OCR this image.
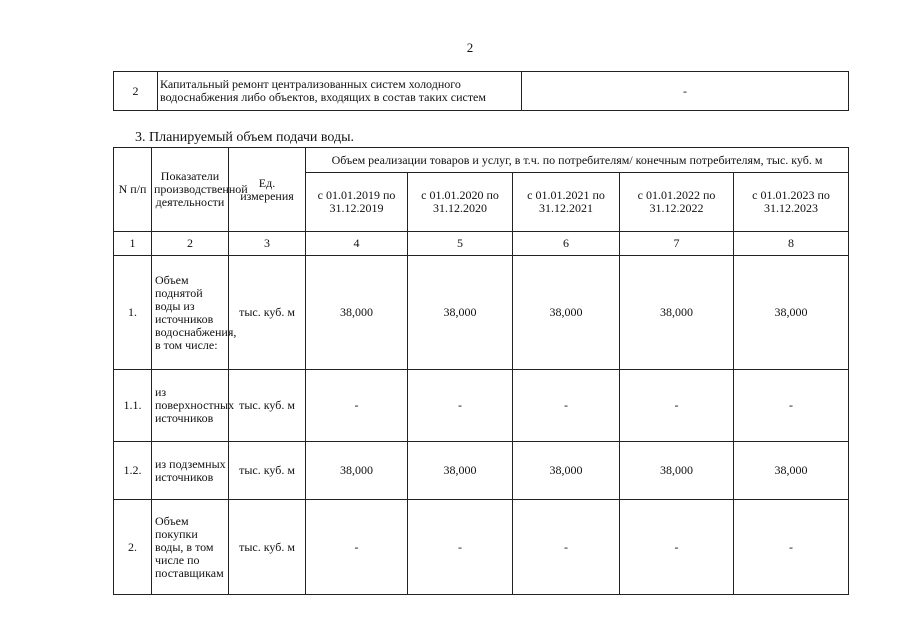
2
2	Капитальный ремонт централизованных систем холодного водоснабжения либо объектов, входящих в состав таких систем	-
3. Планируемый объем подачи воды.
N п/п	Показатели производственной деятельности	Ед. измерения	Объем реализации товаров и услуг, в т.ч. по потребителям/ конечным потребителям, тыс. куб. м				
			с 01.01.2019 по 31.12.2019	с 01.01.2020 по 31.12.2020	с 01.01.2021 по 31.12.2021	с 01.01.2022 по 31.12.2022	с 01.01.2023 по 31.12.2023
1	2	3	4	5	6	7	8
1.	Объем поднятой воды из источников водоснабжения, в том числе:	тыс. куб. м	38,000	38,000	38,000	38,000	38,000
1.1.	из поверхностных источников	тыс. куб. м	-	-	-	-	-
1.2.	из подземных источников	тыс. куб. м	38,000	38,000	38,000	38,000	38,000
2.	Объем покупки воды, в том числе по поставщикам	тыс. куб. м	-	-	-	-	-
